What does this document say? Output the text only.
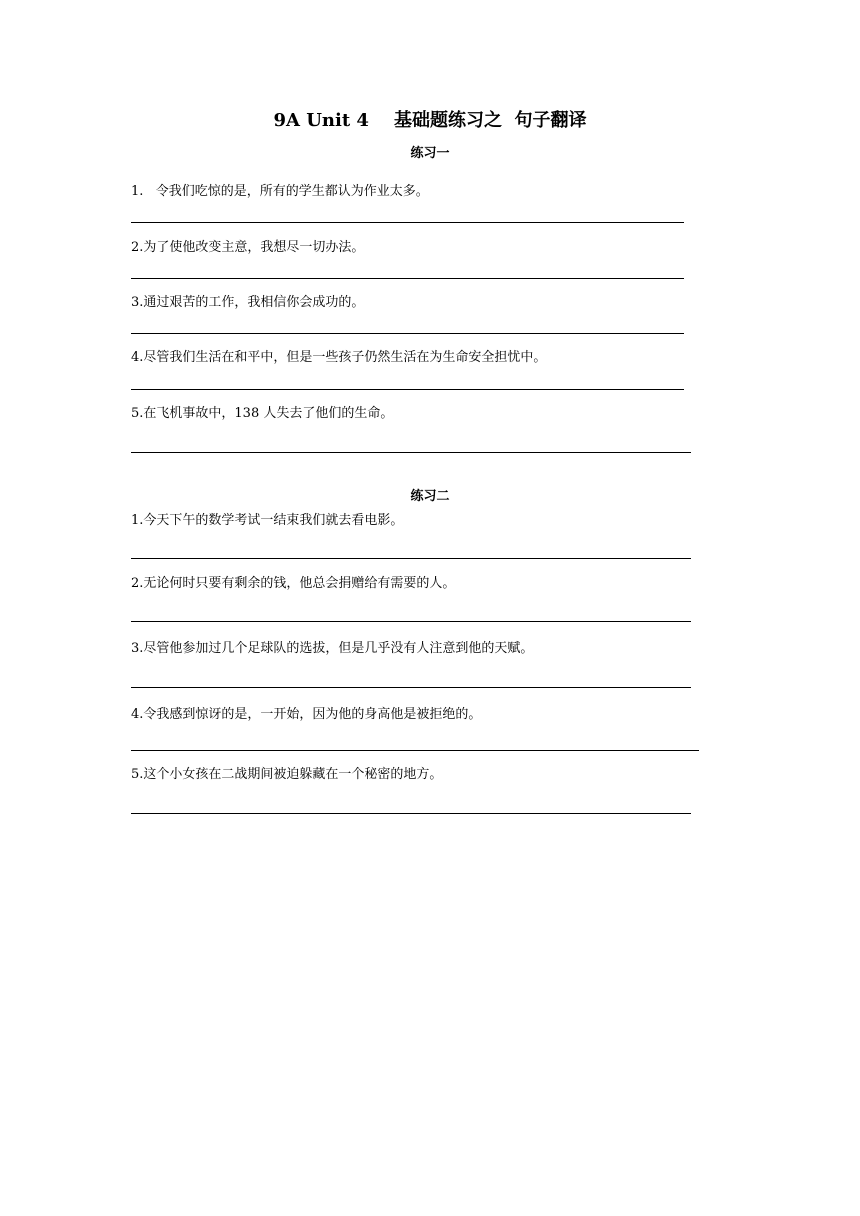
9A Unit 4    基础题练习之  句子翻译
练习一
1.   令我们吃惊的是，所有的学生都认为作业太多。
2.为了使他改变主意，我想尽一切办法。
3.通过艰苦的工作，我相信你会成功的。
4.尽管我们生活在和平中，但是一些孩子仍然生活在为生命安全担忧中。
5.在飞机事故中，138 人失去了他们的生命。
练习二
1.今天下午的数学考试一结束我们就去看电影。
2.无论何时只要有剩余的钱，他总会捐赠给有需要的人。
3.尽管他参加过几个足球队的选拔，但是几乎没有人注意到他的天赋。
4.令我感到惊讶的是，一开始，因为他的身高他是被拒绝的。
5.这个小女孩在二战期间被迫躲藏在一个秘密的地方。
